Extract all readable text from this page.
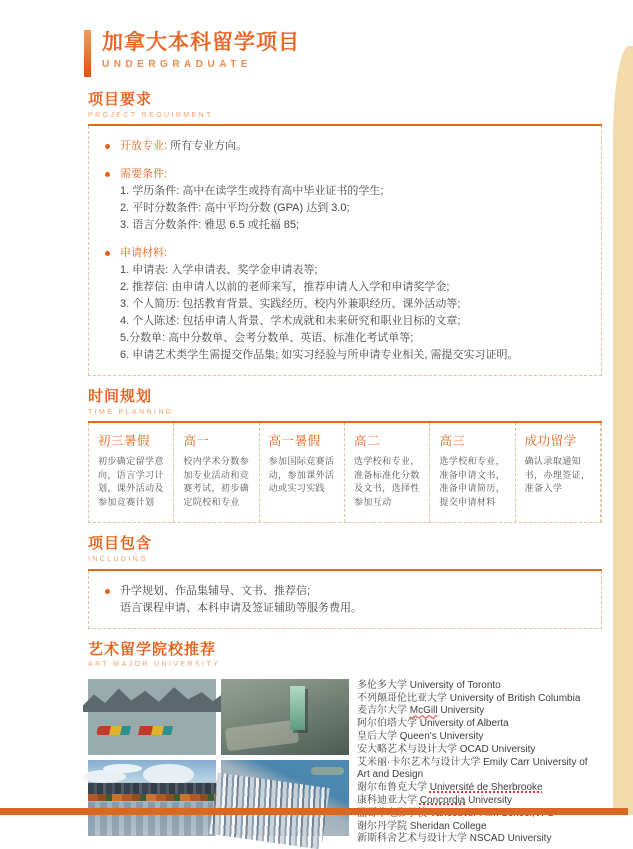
加拿大本科留学项目
UNDERGRADUATE
项目要求
PROJECT REQUIRMENT
开放专业: 所有专业方向。
需要条件:
1. 学历条件: 高中在读学生或持有高中毕业证书的学生;
2. 平时分数条件: 高中平均分数 (GPA) 达到 3.0;
3. 语言分数条件: 雅思 6.5 或托福 85;
申请材料:
1. 申请表: 入学申请表、奖学金申请表等;
2. 推荐信: 由申请人以前的老师来写，推荐申请人入学和申请奖学金;
3. 个人简历: 包括教育背景、实践经历、校内外兼职经历、课外活动等;
4. 个人陈述: 包括申请人背景、学术成就和未来研究和职业目标的文章;
5.分数单: 高中分数单、会考分数单、英语、标准化考试单等;
6. 申请艺术类学生需提交作品集; 如实习经验与所申请专业相关, 需提交实习证明。
时间规划
TIME PLANNING
初三暑假
初步确定留学意向，语言学习计划，课外活动及参加竞赛计划
高一
校内学术分数参加专业活动和竞赛考试，初步确定院校和专业
高一暑假
参加国际竞赛活动，参加课外活动或实习实践
高二
选学校和专业，准备标准化分数及文书，选择性参加互动
高三
选学校和专业，准备申请文书，准备申请简历，提交申请材料
成功留学
确认录取通知书，办理签证，准备入学
项目包含
INCLUDING
升学规划、作品集辅导、文书、推荐信;
语言课程申请、本科申请及签证辅助等服务费用。
艺术留学院校推荐
ART MAJOR UNIVERSITY
多伦多大学 University of Toronto
不列颠哥伦比亚大学 University of British Columbia
麦吉尔大学 McGill University
阿尔伯塔大学 University of Alberta
皇后大学 Queen's University
安大略艺术与设计大学 OCAD University
艾米丽·卡尔艺术与设计大学 Emily Carr University of Art and Design
谢尔布鲁克大学 Université de Sherbrooke
康科迪亚大学 Concordia University
谢尔丹学院 Sheridan College
新斯科舍艺术与设计大学 NSCAD University
